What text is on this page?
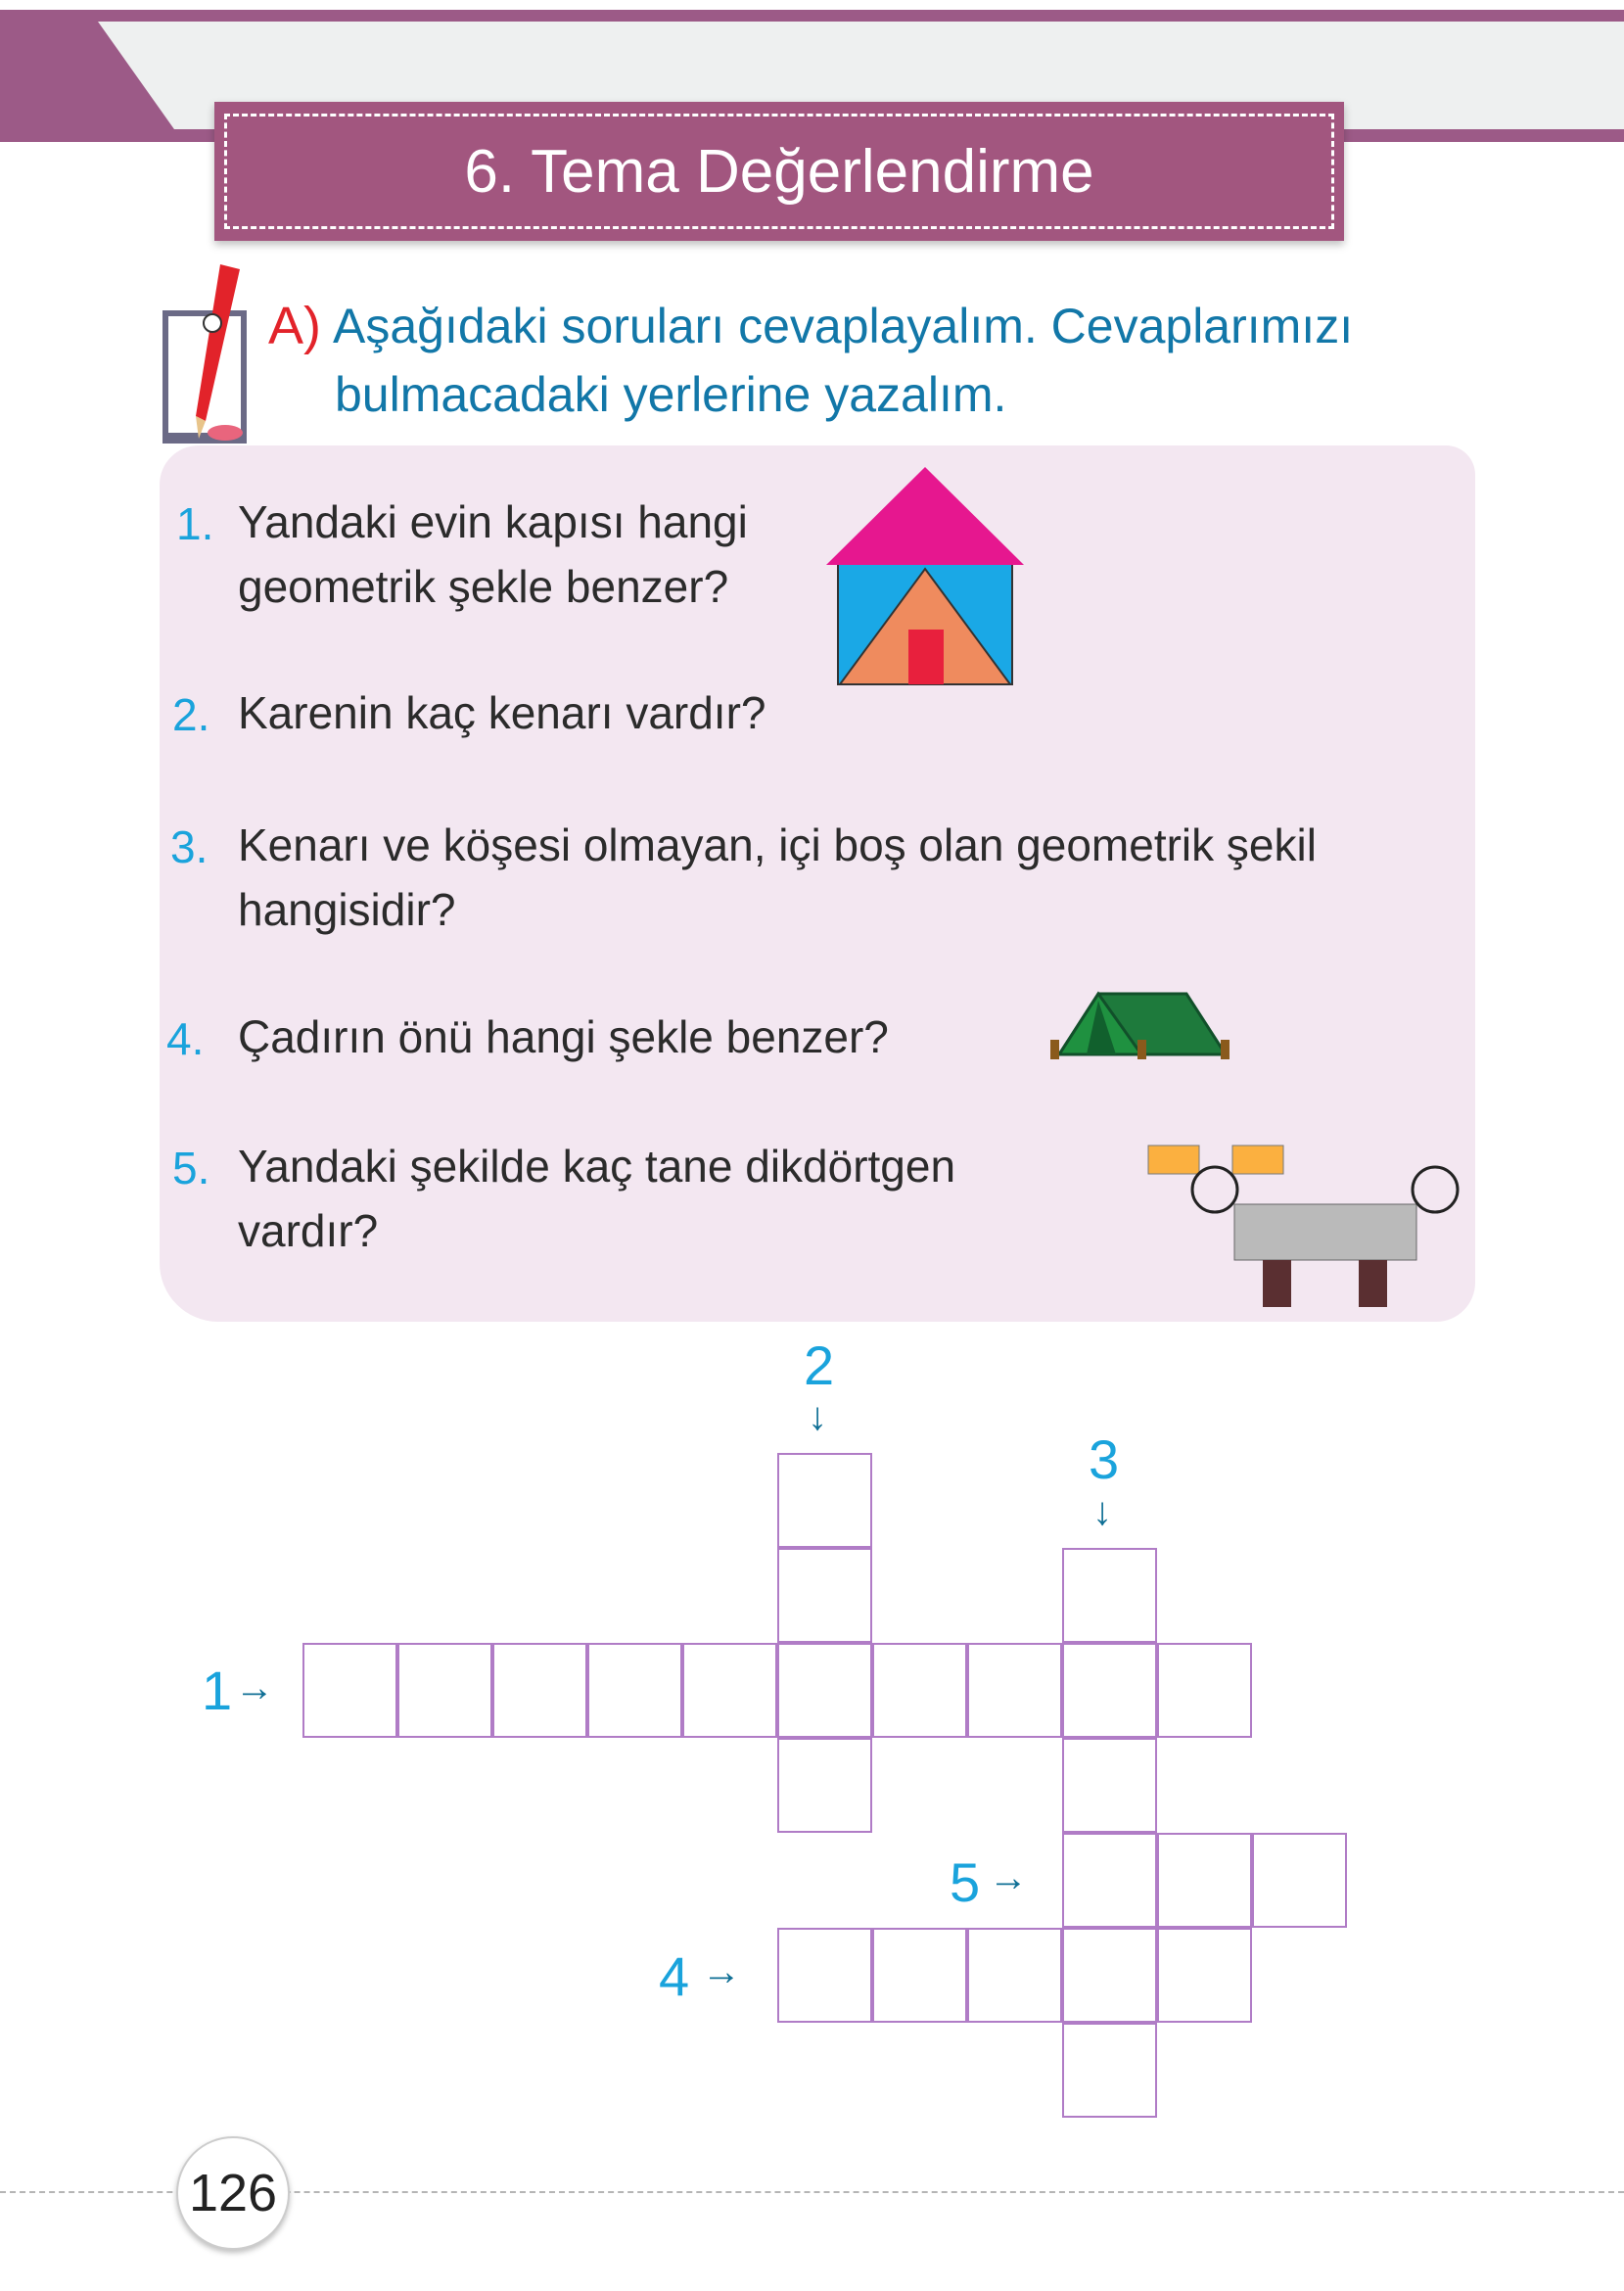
6. Tema Değerlendirme
A) Aşağıdaki soruları cevaplayalım. Cevaplarımızı
bulmacadaki yerlerine yazalım.
1. Yandaki evin kapısı hangi
geometrik şekle benzer?
2. Karenin kaç kenarı vardır?
3. Kenarı ve köşesi olmayan, içi boş olan geometrik şekil
hangisidir?
4. Çadırın önü hangi şekle benzer?
5. Yandaki şekilde kaç tane dikdörtgen
vardır?
2
↓
3
↓
1 →
5 →
4 →
126
